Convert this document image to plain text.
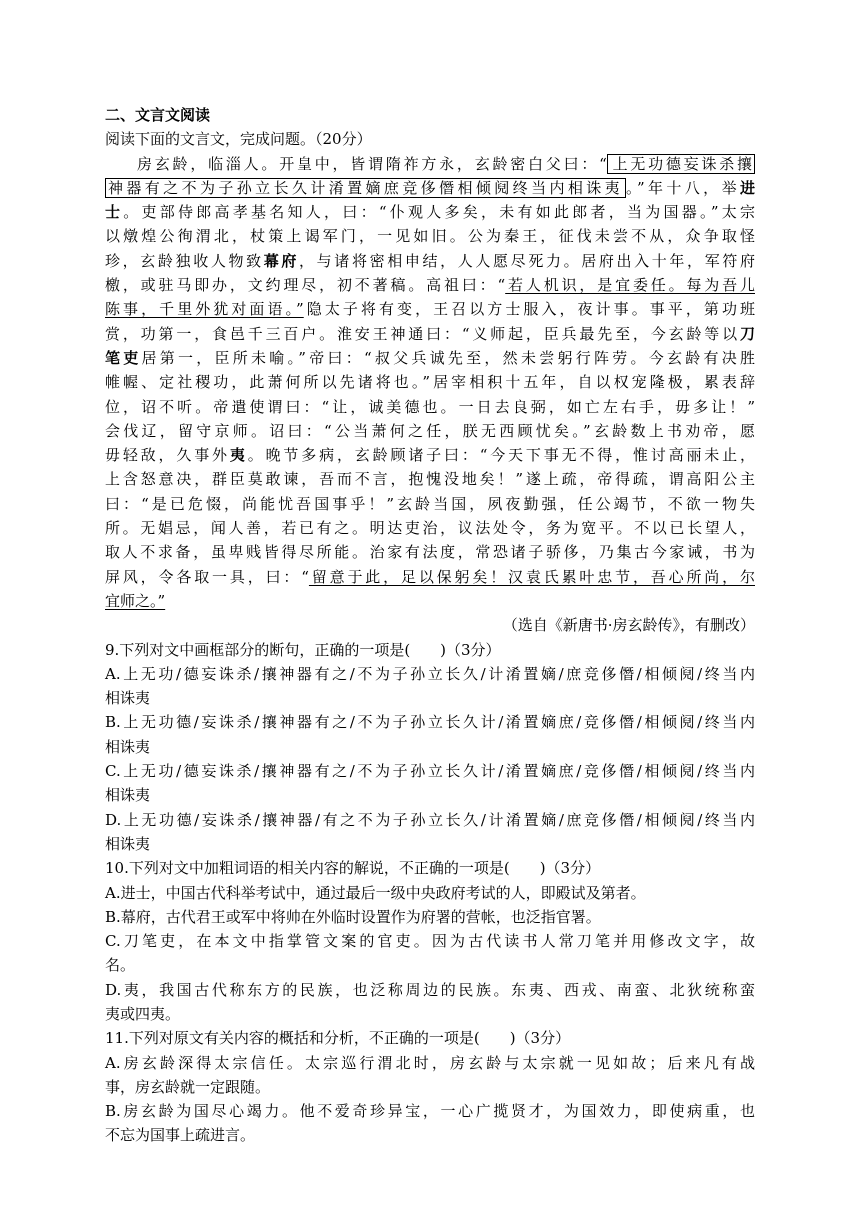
二、文言文阅读
阅读下面的文言文，完成问题。（20分）
房玄龄，临淄人。开皇中，皆谓隋祚方永，玄龄密白父曰：“ 上无功德妄诛杀攘
神器有之不为子孙立长久计淆置嫡庶竞侈僭相倾阋终当内相诛夷 。”年十八，举进
士。吏部侍郎高孝基名知人，曰：“仆观人多矣，未有如此郎者，当为国器。”太宗
以燉煌公徇渭北，杖策上谒军门，一见如旧。公为秦王，征伐未尝不从，众争取怪
珍，玄龄独收人物致幕府，与诸将密相申结，人人愿尽死力。居府出入十年，军符府
檄，或驻马即办，文约理尽，初不著稿。高祖曰：“若人机识，是宜委任。每为吾儿
陈事，千里外犹对面语。”隐太子将有变，王召以方士服入，夜计事。事平，第功班
赏，功第一，食邑千三百户。淮安王神通曰：“义师起，臣兵最先至，今玄龄等以刀
笔吏居第一，臣所未喻。”帝曰：“叔父兵诚先至，然未尝躬行阵劳。今玄龄有决胜
帷幄、定社稷功，此萧何所以先诸将也。”居宰相积十五年，自以权宠隆极，累表辞
位，诏不听。帝遣使谓曰：“让，诚美德也。一日去良弼，如亡左右手，毋多让！”
会伐辽，留守京师。诏曰：“公当萧何之任，朕无西顾忧矣。”玄龄数上书劝帝，愿
毋轻敌，久事外夷。晚节多病，玄龄顾诸子曰：“今天下事无不得，惟讨高丽未止，
上含怒意决，群臣莫敢谏，吾而不言，抱愧没地矣！”遂上疏，帝得疏，谓高阳公主
曰：“是已危惙，尚能忧吾国事乎！”玄龄当国，夙夜勤强，任公竭节，不欲一物失
所。无娼忌，闻人善，若已有之。明达吏治，议法处令，务为宽平。不以已长望人，
取人不求备，虽卑贱皆得尽所能。治家有法度，常恐诸子骄侈，乃集古今家诫，书为
屏风，令各取一具，曰：“留意于此，足以保躬矣！汉袁氏累叶忠节，吾心所尚，尔
宜师之。”
（选自《新唐书·房玄龄传》，有删改）
9.下列对文中画框部分的断句，正确的一项是(　　)（3分）
A.上无功/德妄诛杀/攘神器有之/不为子孙立长久/计淆置嫡/庶竞侈僭/相倾阋/终当内
相诛夷
B.上无功德/妄诛杀/攘神器有之/不为子孙立长久计/淆置嫡庶/竞侈僭/相倾阋/终当内
相诛夷
C.上无功/德妄诛杀/攘神器有之/不为子孙立长久计/淆置嫡庶/竞侈僭/相倾阋/终当内
相诛夷
D.上无功德/妄诛杀/攘神器/有之不为子孙立长久/计淆置嫡/庶竞侈僭/相倾阋/终当内
相诛夷
10.下列对文中加粗词语的相关内容的解说，不正确的一项是(　　)（3分）
A.进士，中国古代科举考试中，通过最后一级中央政府考试的人，即殿试及第者。
B.幕府，古代君王或军中将帅在外临时设置作为府署的营帐，也泛指官署。
C.刀笔吏，在本文中指掌管文案的官吏。因为古代读书人常刀笔并用修改文字，故
名。
D.夷，我国古代称东方的民族，也泛称周边的民族。东夷、西戎、南蛮、北狄统称蛮
夷或四夷。
11.下列对原文有关内容的概括和分析，不正确的一项是(　　)（3分）
A.房玄龄深得太宗信任。太宗巡行渭北时，房玄龄与太宗就一见如故；后来凡有战
事，房玄龄就一定跟随。
B.房玄龄为国尽心竭力。他不爱奇珍异宝，一心广揽贤才，为国效力，即使病重，也
不忘为国事上疏进言。
